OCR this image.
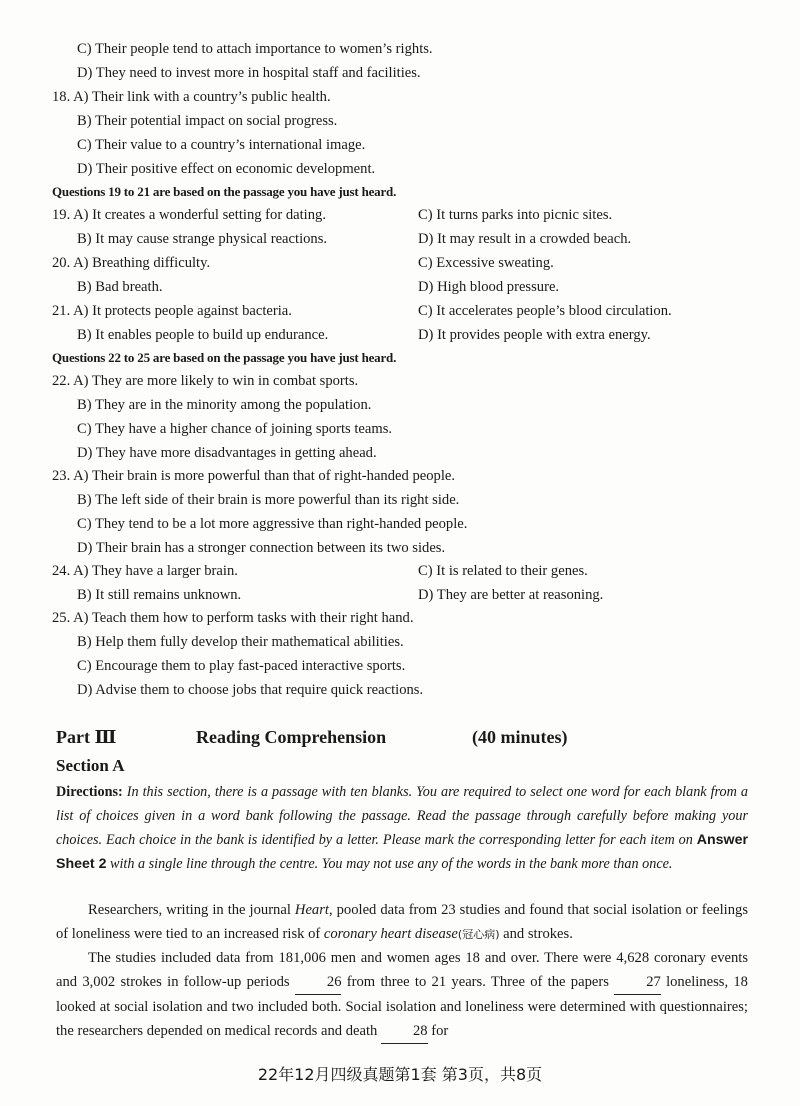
C) Their people tend to attach importance to women’s rights.
D) They need to invest more in hospital staff and facilities.
18. A) Their link with a country’s public health.
B) Their potential impact on social progress.
C) Their value to a country’s international image.
D) Their positive effect on economic development.
Questions 19 to 21 are based on the passage you have just heard.
19. A) It creates a wonderful setting for dating.	C) It turns parks into picnic sites.
B) It may cause strange physical reactions.	D) It may result in a crowded beach.
20. A) Breathing difficulty.	C) Excessive sweating.
B) Bad breath.	D) High blood pressure.
21. A) It protects people against bacteria.	C) It accelerates people’s blood circulation.
B) It enables people to build up endurance.	D) It provides people with extra energy.
Questions 22 to 25 are based on the passage you have just heard.
22. A) They are more likely to win in combat sports.
B) They are in the minority among the population.
C) They have a higher chance of joining sports teams.
D) They have more disadvantages in getting ahead.
23. A) Their brain is more powerful than that of right-handed people.
B) The left side of their brain is more powerful than its right side.
C) They tend to be a lot more aggressive than right-handed people.
D) Their brain has a stronger connection between its two sides.
24. A) They have a larger brain.	C) It is related to their genes.
B) It still remains unknown.	D) They are better at reasoning.
25. A) Teach them how to perform tasks with their right hand.
B) Help them fully develop their mathematical abilities.
C) Encourage them to play fast-paced interactive sports.
D) Advise them to choose jobs that require quick reactions.
Part Ⅲ	Reading Comprehension	(40 minutes)
Section A
Directions: In this section, there is a passage with ten blanks. You are required to select one word for each blank from a list of choices given in a word bank following the passage. Read the passage through carefully before making your choices. Each choice in the bank is identified by a letter. Please mark the corresponding letter for each item on Answer Sheet 2 with a single line through the centre. You may not use any of the words in the bank more than once.
Researchers, writing in the journal Heart, pooled data from 23 studies and found that social isolation or feelings of loneliness were tied to an increased risk of coronary heart disease(冠心病) and strokes.
The studies included data from 181,006 men and women ages 18 and over. There were 4,628 coronary events and 3,002 strokes in follow-up periods 26 from three to 21 years. Three of the papers 27 loneliness, 18 looked at social isolation and two included both. Social isolation and loneliness were determined with questionnaires; the researchers depended on medical records and death 28 for
22年12月四级真题第1套 第3页，共8页
